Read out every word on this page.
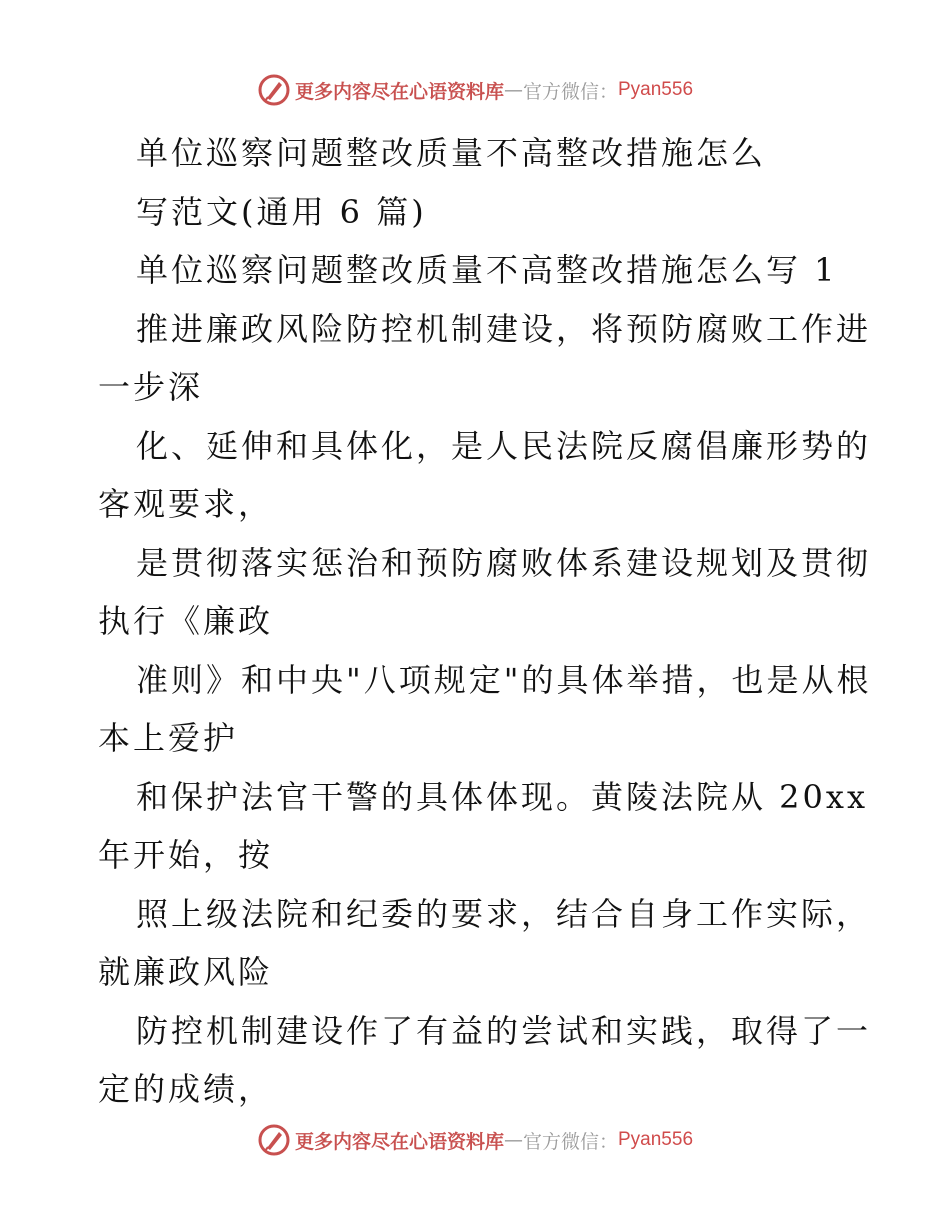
更多内容尽在心语资料库 — 官方微信： Pyan556
单位巡察问题整改质量不高整改措施怎么
写范文(通用 6 篇)
单位巡察问题整改质量不高整改措施怎么写 1
推进廉政风险防控机制建设，将预防腐败工作进
一步深
化、延伸和具体化，是人民法院反腐倡廉形势的
客观要求，
是贯彻落实惩治和预防腐败体系建设规划及贯彻
执行《廉政
准则》和中央"八项规定"的具体举措，也是从根
本上爱护
和保护法官干警的具体体现。黄陵法院从 20xx
年开始，按
照上级法院和纪委的要求，结合自身工作实际，
就廉政风险
防控机制建设作了有益的尝试和实践，取得了一
定的成绩，
更多内容尽在心语资料库 — 官方微信： Pyan556
